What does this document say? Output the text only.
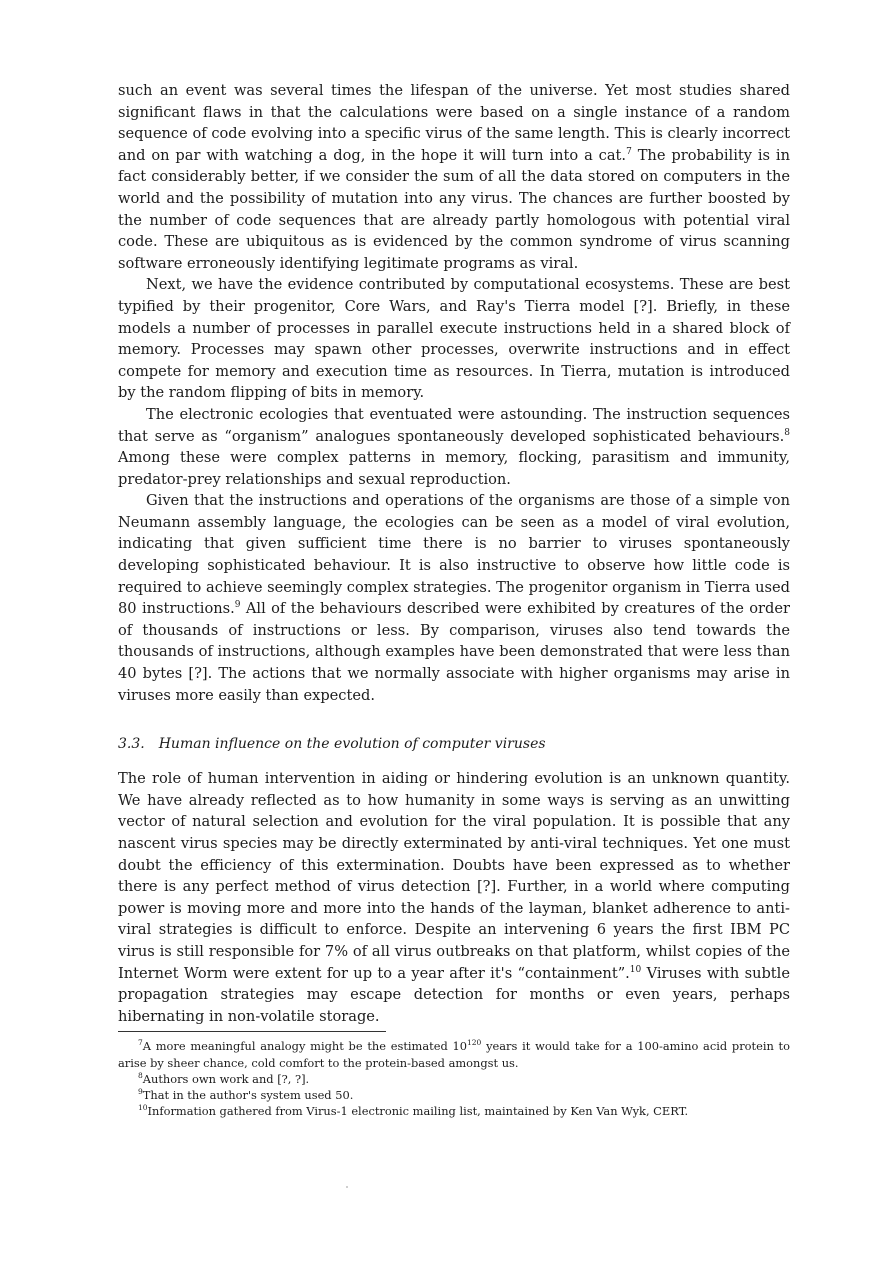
such an event was several times the lifespan of the universe. Yet most studies shared significant flaws in that the calculations were based on a single instance of a random sequence of code evolving into a specific virus of the same length. This is clearly incorrect and on par with watching a dog, in the hope it will turn into a cat.$^7$ The probability is in fact considerably better, if we consider the sum of all the data stored on computers in the world and the possibility of mutation into any virus. The chances are further boosted by the number of code sequences that are already partly homologous with potential viral code. These are ubiquitous as is evidenced by the common syndrome of virus scanning software erroneously identifying legitimate programs as viral.

Next, we have the evidence contributed by computational ecosystems. These are best typified by their progenitor, Core Wars, and Ray's Tierra model [?]. Briefly, in these models a number of processes in parallel execute instructions held in a shared block of memory. Processes may spawn other processes, overwrite instructions and in effect compete for memory and execution time as resources. In Tierra, mutation is introduced by the random flipping of bits in memory.

The electronic ecologies that eventuated were astounding. The instruction sequences that serve as “organism” analogues spontaneously developed sophisticated behaviours.$^8$ Among these were complex patterns in memory, flocking, parasitism and immunity, predator-prey relationships and sexual reproduction.

Given that the instructions and operations of the organisms are those of a simple von Neumann assembly language, the ecologies can be seen as a model of viral evolution, indicating that given sufficient time there is no barrier to viruses spontaneously developing sophisticated behaviour. It is also instructive to observe how little code is required to achieve seemingly complex strategies. The progenitor organism in Tierra used 80 instructions.$^9$ All of the behaviours described were exhibited by creatures of the order of thousands of instructions or less. By comparison, viruses also tend towards the thousands of instructions, although examples have been demonstrated that were less than 40 bytes [?]. The actions that we normally associate with higher organisms may arise in viruses more easily than expected.

3.3. Human influence on the evolution of computer viruses

The role of human intervention in aiding or hindering evolution is an unknown quantity. We have already reflected as to how humanity in some ways is serving as an unwitting vector of natural selection and evolution for the viral population. It is possible that any nascent virus species may be directly exterminated by anti-viral techniques. Yet one must doubt the efficiency of this extermination. Doubts have been expressed as to whether there is any perfect method of virus detection [?]. Further, in a world where computing power is moving more and more into the hands of the layman, blanket adherence to anti-viral strategies is difficult to enforce. Despite an intervening 6 years the first IBM PC virus is still responsible for 7% of all virus outbreaks on that platform, whilst copies of the Internet Worm were extent for up to a year after it's “containment”.$^{10}$ Viruses with subtle propagation strategies may escape detection for months or even years, perhaps hibernating in non-volatile storage.

$^7$A more meaningful analogy might be the estimated 10$^{120}$ years it would take for a 100-amino acid protein to arise by sheer chance, cold comfort to the protein-based amongst us.

$^8$Authors own work and [?, ?].

$^9$That in the author's system used 50.

$^{10}$Information gathered from Virus-1 electronic mailing list, maintained by Ken Van Wyk, CERT.
